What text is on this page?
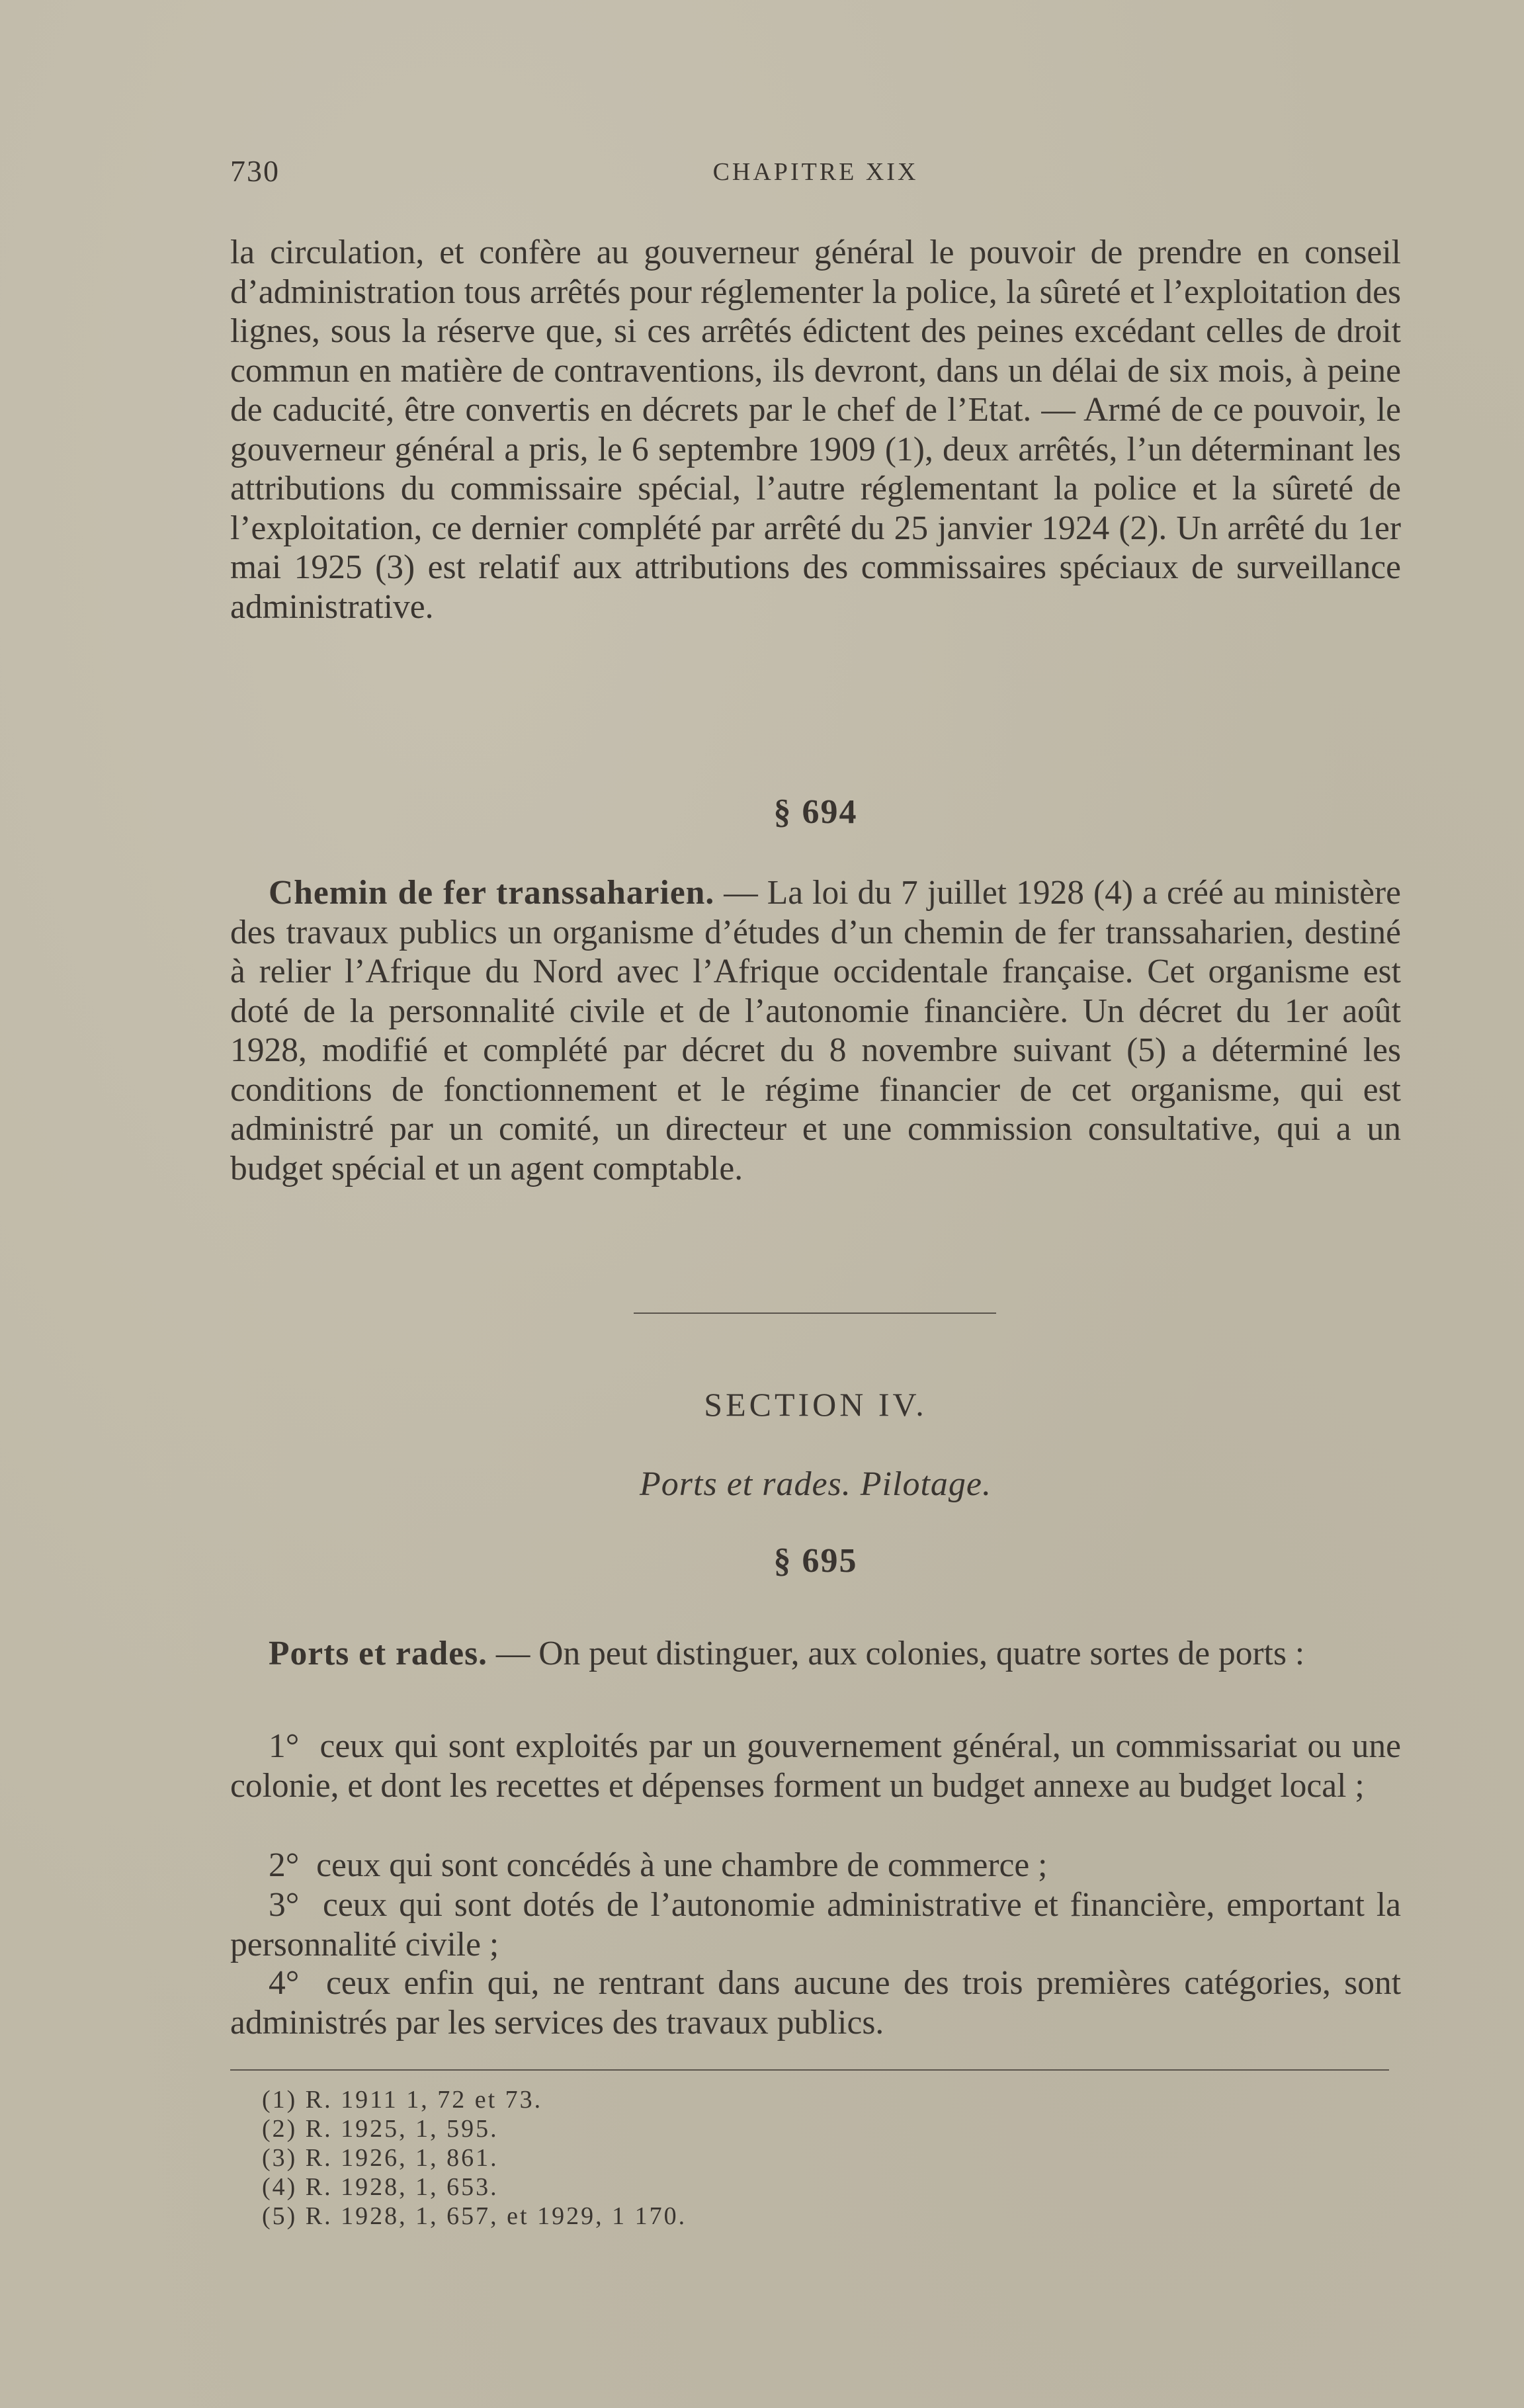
730	CHAPITRE XIX

la circulation, et confère au gouverneur général le pouvoir de prendre en conseil d’administration tous arrêtés pour réglementer la police, la sûreté et l’exploitation des lignes, sous la réserve que, si ces arrêtés édictent des peines excédant celles de droit commun en matière de contraventions, ils devront, dans un délai de six mois, à peine de caducité, être convertis en décrets par le chef de l’Etat. — Armé de ce pouvoir, le gouverneur général a pris, le 6 septembre 1909 (1), deux arrêtés, l’un déterminant les attributions du commissaire spécial, l’autre réglementant la police et la sûreté de l’exploitation, ce dernier complété par arrêté du 25 janvier 1924 (2). Un arrêté du 1er mai 1925 (3) est relatif aux attributions des commissaires spéciaux de surveillance administrative.

§ 694

Chemin de fer transsaharien. — La loi du 7 juillet 1928 (4) a créé au ministère des travaux publics un organisme d’études d’un chemin de fer transsaharien, destiné à relier l’Afrique du Nord avec l’Afrique occidentale française. Cet organisme est doté de la personnalité civile et de l’autonomie financière. Un décret du 1er août 1928, modifié et complété par décret du 8 novembre suivant (5) a déterminé les conditions de fonctionnement et le régime financier de cet organisme, qui est administré par un comité, un directeur et une commission consultative, qui a un budget spécial et un agent comptable.

SECTION IV.
Ports et rades. Pilotage.
§ 695

Ports et rades. — On peut distinguer, aux colonies, quatre sortes de ports :

1° ceux qui sont exploités par un gouvernement général, un commissariat ou une colonie, et dont les recettes et dépenses forment un budget annexe au budget local ;

2° ceux qui sont concédés à une chambre de commerce ;

3° ceux qui sont dotés de l’autonomie administrative et financière, emportant la personnalité civile ;

4° ceux enfin qui, ne rentrant dans aucune des trois premières catégories, sont administrés par les services des travaux publics.

(1) R. 1911 1, 72 et 73.
(2) R. 1925, 1, 595.
(3) R. 1926, 1, 861.
(4) R. 1928, 1, 653.
(5) R. 1928, 1, 657, et 1929, 1 170.
